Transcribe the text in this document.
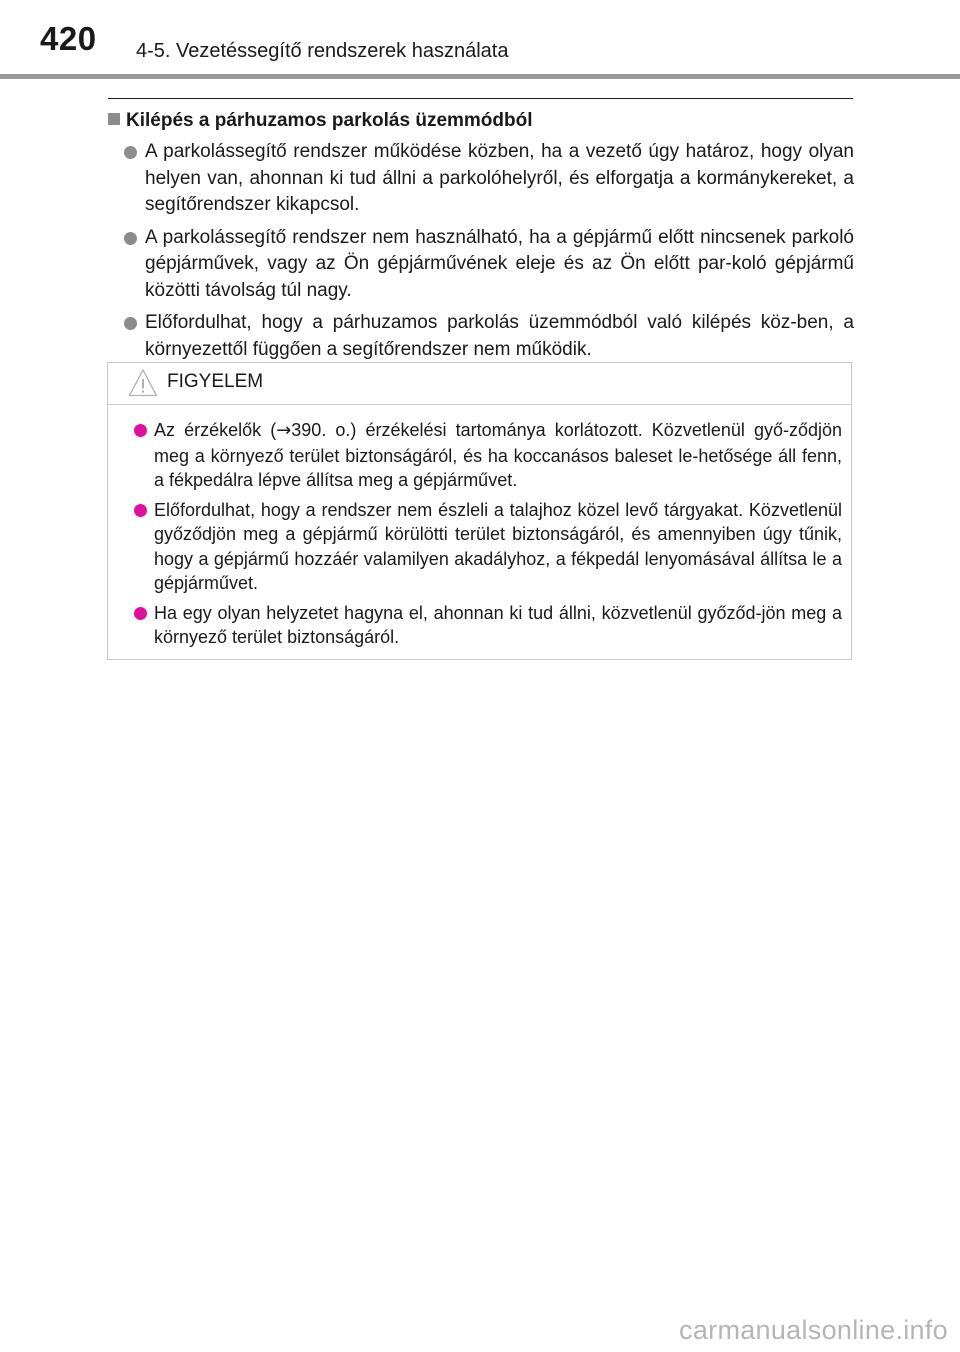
420 4-5. Vezetéssegítő rendszerek használata
Kilépés a párhuzamos parkolás üzemmódból
A parkolássegítő rendszer működése közben, ha a vezető úgy határoz, hogy olyan helyen van, ahonnan ki tud állni a parkolóhelyről, és elforgatja a kormánykereket, a segítőrendszer kikapcsol.
A parkolássegítő rendszer nem használható, ha a gépjármű előtt nincsenek parkoló gépjárművek, vagy az Ön gépjárművének eleje és az Ön előtt par-koló gépjármű közötti távolság túl nagy.
Előfordulhat, hogy a párhuzamos parkolás üzemmódból való kilépés köz-ben, a környezettől függően a segítőrendszer nem működik.
FIGYELEM
Az érzékelők (→390. o.) érzékelési tartománya korlátozott. Közvetlenül győ-ződjön meg a környező terület biztonságáról, és ha koccanásos baleset le-hetősége áll fenn, a fékpedálra lépve állítsa meg a gépjárművet.
Előfordulhat, hogy a rendszer nem észleli a talajhoz közel levő tárgyakat. Közvetlenül győződjön meg a gépjármű körülötti terület biztonságáról, és amennyiben úgy tűnik, hogy a gépjármű hozzáér valamilyen akadályhoz, a fékpedál lenyomásával állítsa le a gépjárművet.
Ha egy olyan helyzetet hagyna el, ahonnan ki tud állni, közvetlenül győződ-jön meg a környező terület biztonságáról.
carmanualsonline.info
